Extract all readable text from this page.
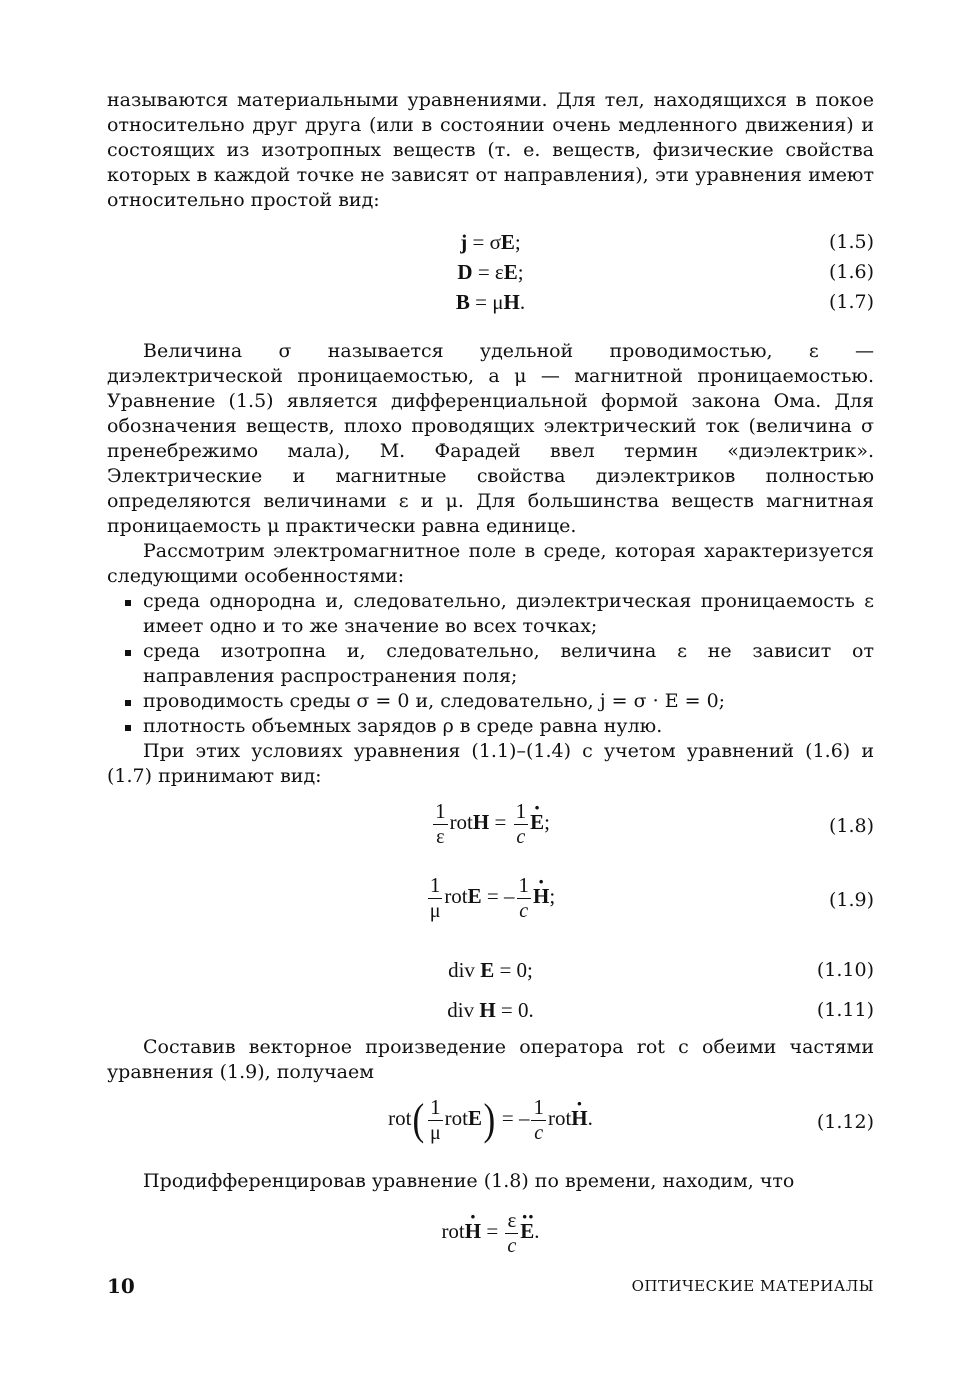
называются материальными уравнениями. Для тел, находящихся в покое относительно друг друга (или в состоянии очень медленного движения) и состоящих из изотропных веществ (т. е. веществ, физические свойства которых в каждой точке не зависят от направления), эти уравнения имеют относительно простой вид:

j = σE;	(1.5)
D = εE;	(1.6)
B = μH.	(1.7)

Величина σ называется удельной проводимостью, ε — диэлектрической проницаемостью, а μ — магнитной проницаемостью. Уравнение (1.5) является дифференциальной формой закона Ома. Для обозначения веществ, плохо проводящих электрический ток (величина σ пренебрежимо мала), М. Фарадей ввел термин «диэлектрик». Электрические и магнитные свойства диэлектриков полностью определяются величинами ε и μ. Для большинства веществ магнитная проницаемость μ практически равна единице.

Рассмотрим электромагнитное поле в среде, которая характеризуется следующими особенностями:

среда однородна и, следовательно, диэлектрическая проницаемость ε имеет одно и то же значение во всех точках;
среда изотропна и, следовательно, величина ε не зависит от направления распространения поля;
проводимость среды σ = 0 и, следовательно, j = σ · E = 0;
плотность объемных зарядов ρ в среде равна нулю.

При этих условиях уравнения (1.1)–(1.4) с учетом уравнений (1.6) и (1.7) принимают вид:

$\frac{1}{\varepsilon}$ rotH = $\frac{1}{c} \cdot E$;	(1.8)
$\frac{1}{\mu}$ rotE = – $\frac{1}{c} \cdot H$;	(1.9)
div E = 0;	(1.10)
div H = 0.	(1.11)

Составив векторное произведение оператора rot с обеими частями уравнения (1.9), получаем

$rot( \frac{1}{\mu}$ rotE) = – $\frac{1}{c} rot\cdot H$.	(1.12)

Продифференцировав уравнение (1.8) по времени, находим, что

$rot\cdot H = \frac{\varepsilon}{c} \cdot\cdot E$.
10	ОПТИЧЕСКИЕ МАТЕРИАЛЫ
